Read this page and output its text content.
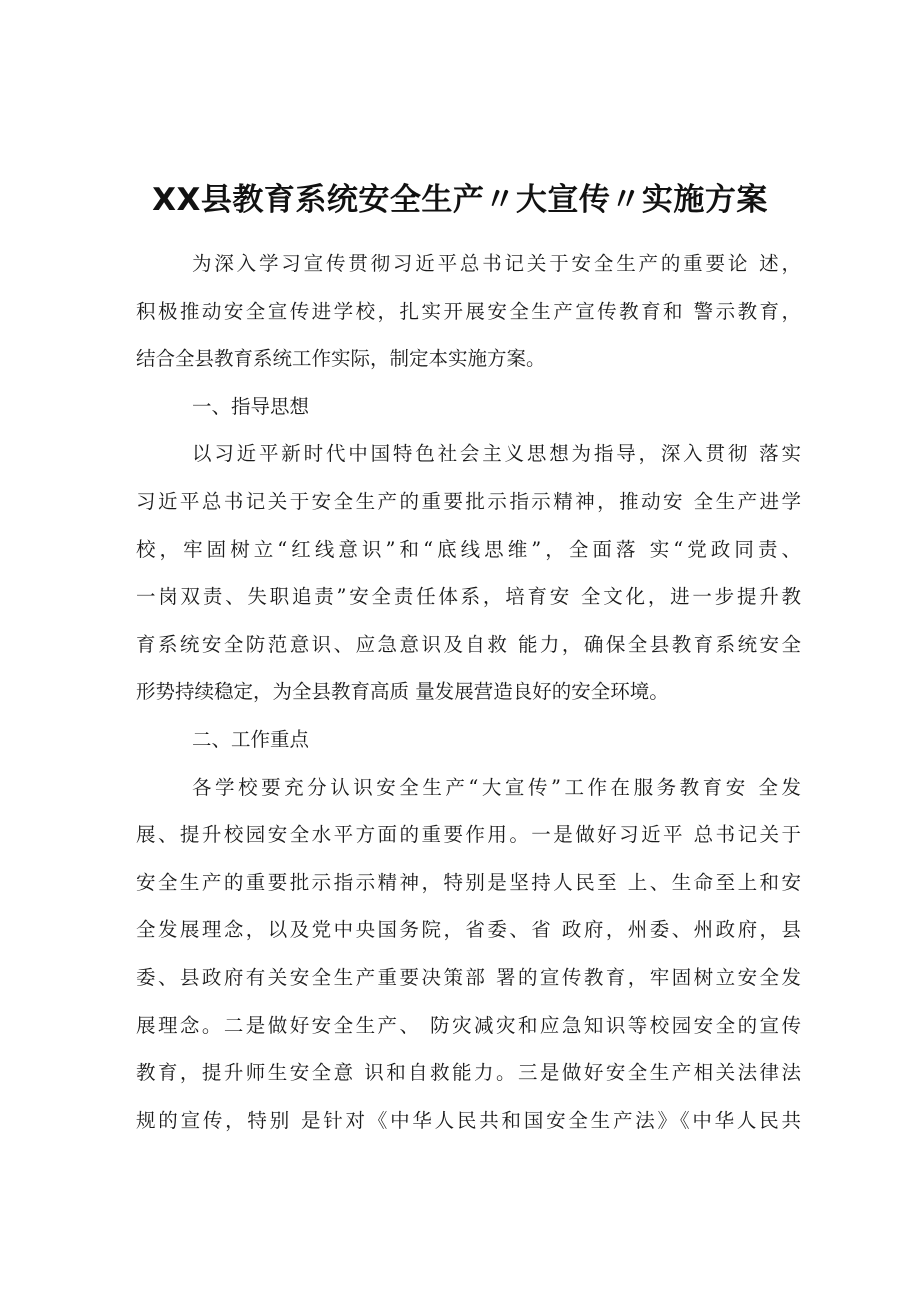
XX县教育系统安全生产〃大宣传〃实施方案
为深入学习宣传贯彻习近平总书记关于安全生产的重要论 述，
积极推动安全宣传进学校，扎实开展安全生产宣传教育和 警示教育，
结合全县教育系统工作实际，制定本实施方案。
一、指导思想
以习近平新时代中国特色社会主义思想为指导，深入贯彻 落实
习近平总书记关于安全生产的重要批示指示精神，推动安 全生产进学
校，牢固树立“红线意识”和“底线思维”，全面落 实“党政同责、
一岗双责、失职追责”安全责任体系，培育安 全文化，进一步提升教
育系统安全防范意识、应急意识及自救 能力，确保全县教育系统安全
形势持续稳定，为全县教育高质 量发展营造良好的安全环境。
二、工作重点
各学校要充分认识安全生产“大宣传”工作在服务教育安 全发
展、提升校园安全水平方面的重要作用。一是做好习近平 总书记关于
安全生产的重要批示指示精神，特别是坚持人民至 上、生命至上和安
全发展理念，以及党中央国务院，省委、省 政府，州委、州政府，县
委、县政府有关安全生产重要决策部 署的宣传教育，牢固树立安全发
展理念。二是做好安全生产、 防灾减灾和应急知识等校园安全的宣传
教育，提升师生安全意 识和自救能力。三是做好安全生产相关法律法
规的宣传，特别 是针对《中华人民共和国安全生产法》《中华人民共
